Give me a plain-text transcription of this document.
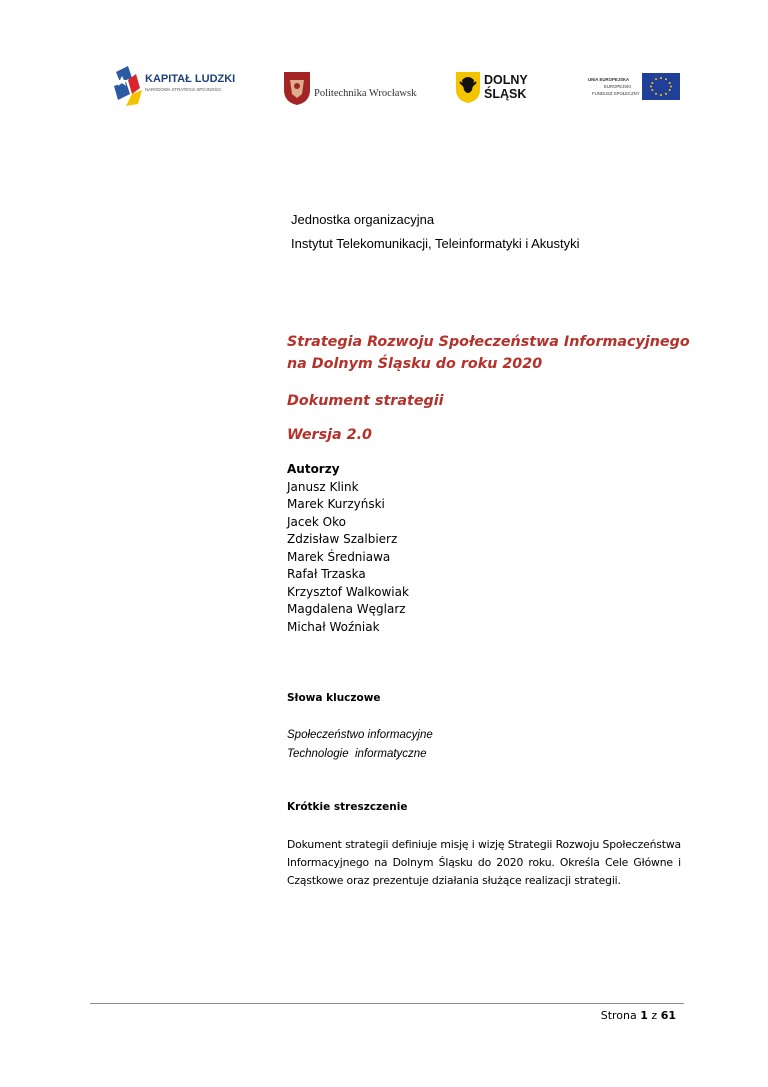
KAPITAŁ LUDZKI
NARODOWA STRATEGIA SPÓJNOŚCI	Politechnika Wrocławska
DOLNY
ŚLĄSK
UNIA EUROPEJSKA
EUROPEJSKI
FUNDUSZ SPOŁECZNY
Jednostka organizacyjna
Instytut Telekomunikacji, Teleinformatyki i Akustyki

Strategia Rozwoju Społeczeństwa Informacyjnego

na Dolnym Śląsku do roku 2020

Dokument strategii

Wersja 2.0

Autorzy
Janusz Klink
Marek Kurzyński
Jacek Oko
Zdzisław Szalbierz
Marek Średniawa
Rafał Trzaska
Krzysztof Walkowiak
Magdalena Węglarz
Michał Woźniak
Słowa kluczowe
Społeczeństwo informacyjne
Technologie  informatyczne
Krótkie streszczenie
Dokument strategii definiuje misję i wizję Strategii Rozwoju Społeczeństwa Informacyjnego na Dolnym Śląsku do 2020 roku. Określa Cele Główne i Cząstkowe oraz prezentuje działania służące realizacji strategii.
Strona 1 z 61
